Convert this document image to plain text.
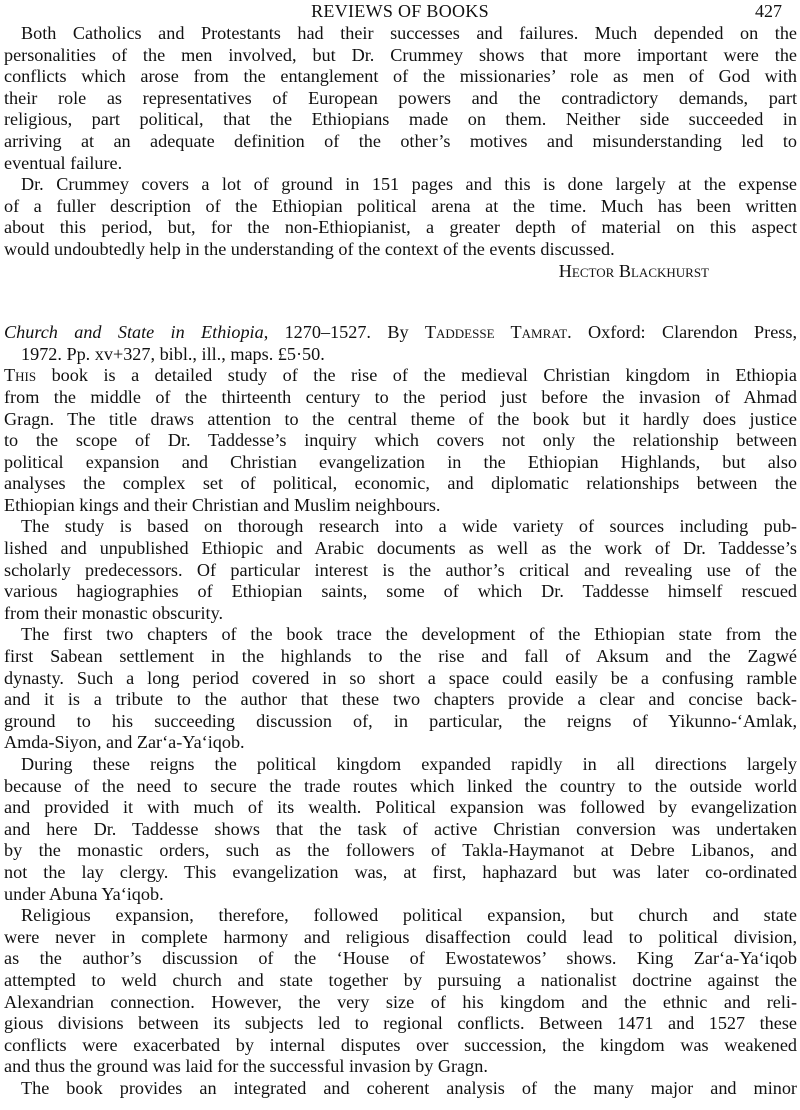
REVIEWS OF BOOKS	427
Both Catholics and Protestants had their successes and failures. Much depended on the
personalities of the men involved, but Dr. Crummey shows that more important were the
conflicts which arose from the entanglement of the missionaries’ role as men of God with
their role as representatives of European powers and the contradictory demands, part
religious, part political, that the Ethiopians made on them. Neither side succeeded in
arriving at an adequate definition of the other’s motives and misunderstanding led to
eventual failure.
Dr. Crummey covers a lot of ground in 151 pages and this is done largely at the expense
of a fuller description of the Ethiopian political arena at the time. Much has been written
about this period, but, for the non-Ethiopianist, a greater depth of material on this aspect
would undoubtedly help in the understanding of the context of the events discussed.
Hector Blackhurst
Church and State in Ethiopia, 1270–1527. By Taddesse Tamrat. Oxford: Clarendon Press,
1972. Pp. xv+327, bibl., ill., maps. £5·50.
This book is a detailed study of the rise of the medieval Christian kingdom in Ethiopia
from the middle of the thirteenth century to the period just before the invasion of Ahmad
Gragn. The title draws attention to the central theme of the book but it hardly does justice
to the scope of Dr. Taddesse’s inquiry which covers not only the relationship between
political expansion and Christian evangelization in the Ethiopian Highlands, but also
analyses the complex set of political, economic, and diplomatic relationships between the
Ethiopian kings and their Christian and Muslim neighbours.
The study is based on thorough research into a wide variety of sources including pub-
lished and unpublished Ethiopic and Arabic documents as well as the work of Dr. Taddesse’s
scholarly predecessors. Of particular interest is the author’s critical and revealing use of the
various hagiographies of Ethiopian saints, some of which Dr. Taddesse himself rescued
from their monastic obscurity.
The first two chapters of the book trace the development of the Ethiopian state from the
first Sabean settlement in the highlands to the rise and fall of Aksum and the Zagwé
dynasty. Such a long period covered in so short a space could easily be a confusing ramble
and it is a tribute to the author that these two chapters provide a clear and concise back-
ground to his succeeding discussion of, in particular, the reigns of Yikunno-‘Amlak,
Amda-Siyon, and Zar‘a-Ya‘iqob.
During these reigns the political kingdom expanded rapidly in all directions largely
because of the need to secure the trade routes which linked the country to the outside world
and provided it with much of its wealth. Political expansion was followed by evangelization
and here Dr. Taddesse shows that the task of active Christian conversion was undertaken
by the monastic orders, such as the followers of Takla-Haymanot at Debre Libanos, and
not the lay clergy. This evangelization was, at first, haphazard but was later co-ordinated
under Abuna Ya‘iqob.
Religious expansion, therefore, followed political expansion, but church and state
were never in complete harmony and religious disaffection could lead to political division,
as the author’s discussion of the ‘House of Ewostatewos’ shows. King Zar‘a-Ya‘iqob
attempted to weld church and state together by pursuing a nationalist doctrine against the
Alexandrian connection. However, the very size of his kingdom and the ethnic and reli-
gious divisions between its subjects led to regional conflicts. Between 1471 and 1527 these
conflicts were exacerbated by internal disputes over succession, the kingdom was weakened
and thus the ground was laid for the successful invasion by Gragn.
The book provides an integrated and coherent analysis of the many major and minor
